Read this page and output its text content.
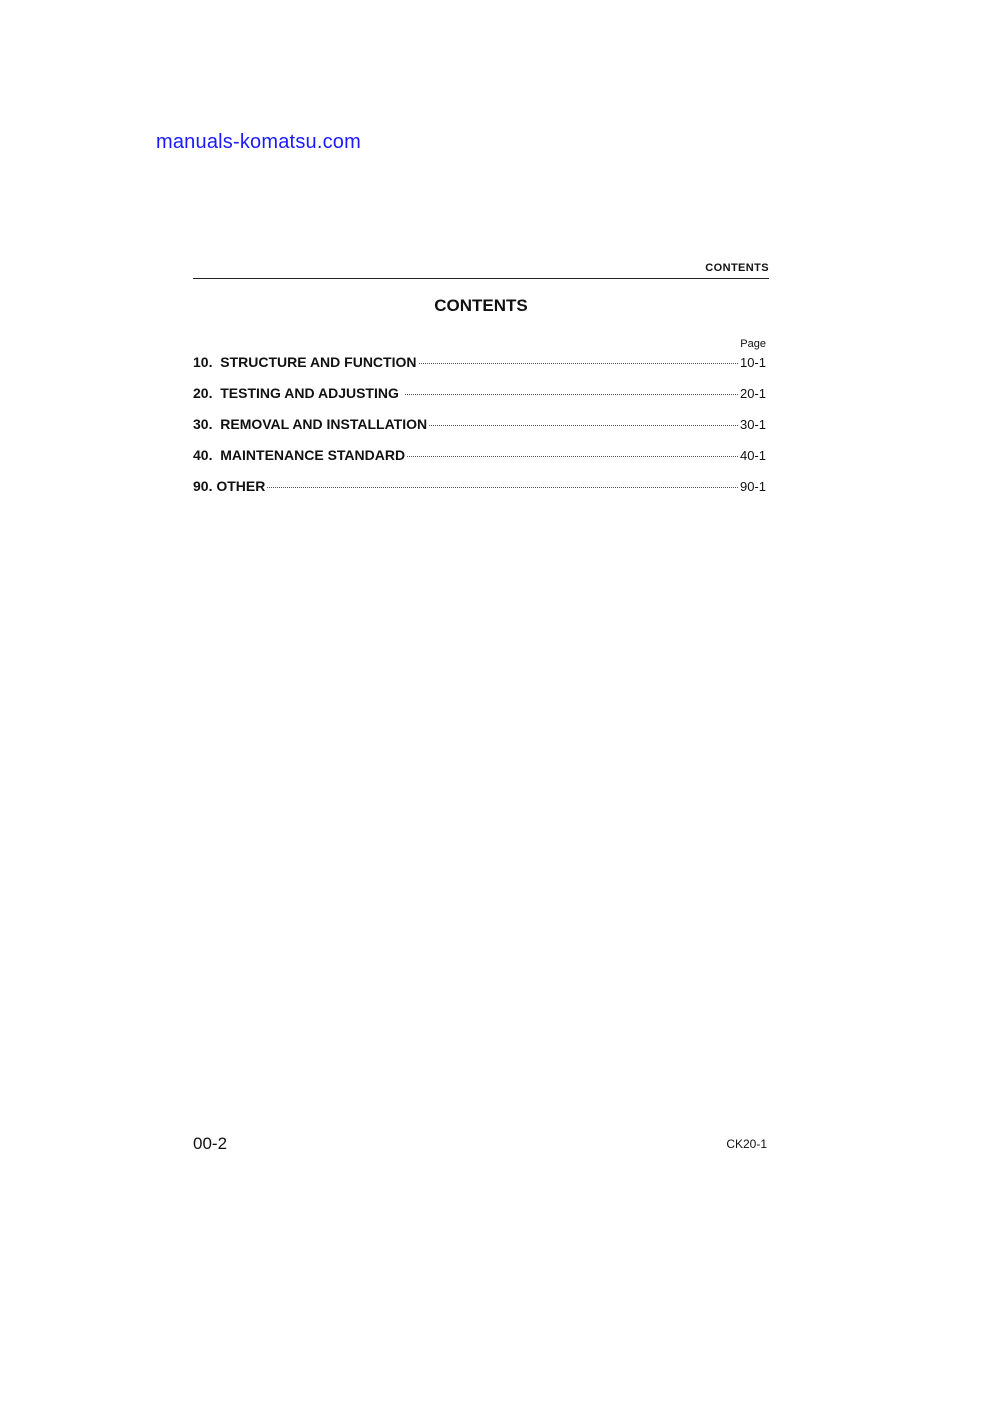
manuals-komatsu.com
CONTENTS
CONTENTS
Page
10.  STRUCTURE AND FUNCTION	10-1
20.  TESTING AND ADJUSTING	20-1
30.  REMOVAL AND INSTALLATION	30-1
40.  MAINTENANCE STANDARD	40-1
90. OTHER	90-1
00-2	CK20-1
